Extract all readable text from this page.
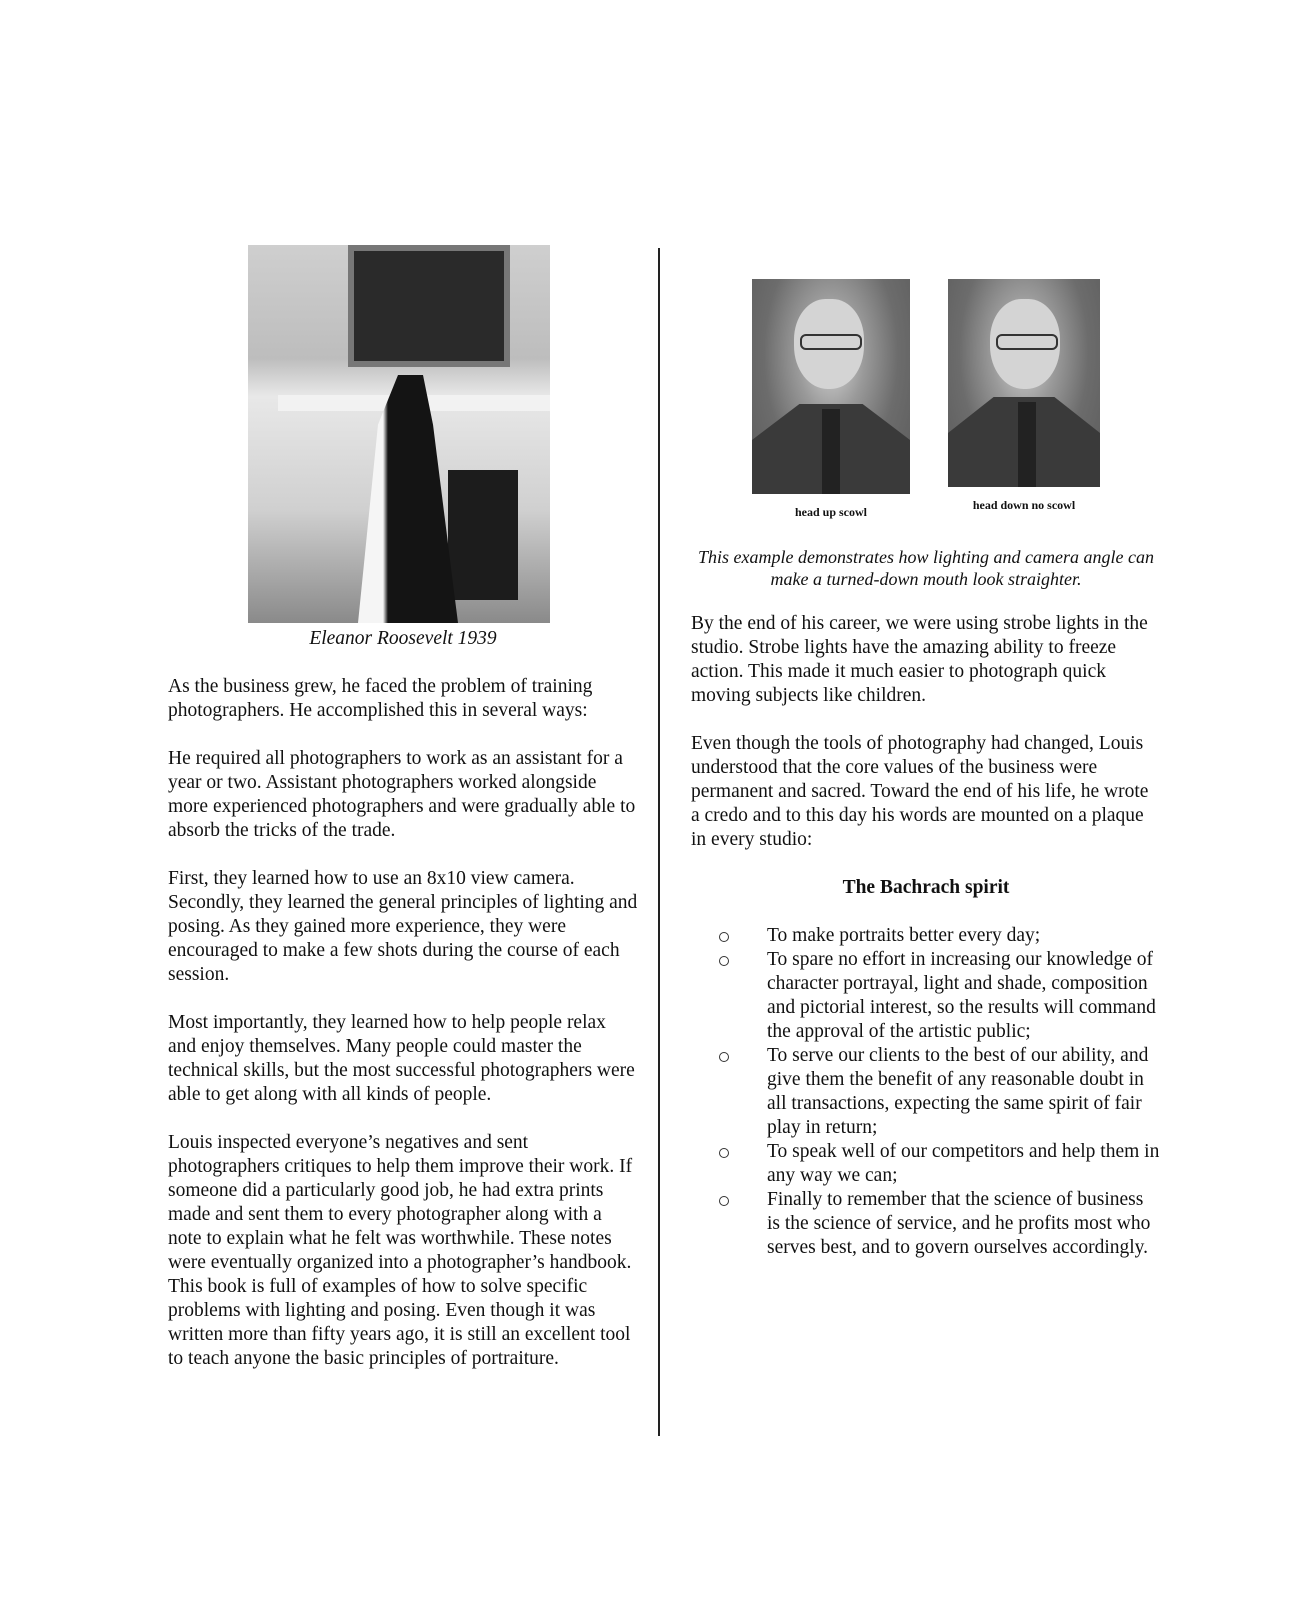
Eleanor Roosevelt 1939

As the business grew, he faced the problem of training photographers. He accomplished this in several ways:

He required all photographers to work as an assistant for a year or two. Assistant photographers worked alongside more experienced photographers and were gradually able to absorb the tricks of the trade.

First, they learned how to use an 8x10 view camera. Secondly, they learned the general principles of lighting and posing. As they gained more experience, they were encouraged to make a few shots during the course of each session.

Most importantly, they learned how to help people relax and enjoy themselves. Many people could master the technical skills, but the most successful photographers were able to get along with all kinds of people.

Louis inspected everyone’s negatives and sent photographers critiques to help them improve their work. If someone did a particularly good job, he had extra prints made and sent them to every photographer along with a note to explain what he felt was worthwhile. These notes were eventually organized into a photographer’s handbook. This book is full of examples of how to solve specific problems with lighting and posing. Even though it was written more than fifty years ago, it is still an excellent tool to teach anyone the basic principles of portraiture.

head up scowl	head down no scowl
This example demonstrates how lighting and camera angle can make a turned-down mouth look straighter.

By the end of his career, we were using strobe lights in the studio. Strobe lights have the amazing ability to freeze action. This made it much easier to photograph quick moving subjects like children.

Even though the tools of photography had changed, Louis understood that the core values of the business were permanent and sacred. Toward the end of his life, he wrote a credo and to this day his words are mounted on a plaque in every studio:

The Bachrach spirit
To make portraits better every day;
To spare no effort in increasing our knowledge of character portrayal, light and shade, composition and pictorial interest, so the results will command the approval of the artistic public;
To serve our clients to the best of our ability, and give them the benefit of any reasonable doubt in all transactions, expecting the same spirit of fair play in return;
To speak well of our competitors and help them in any way we can;
Finally to remember that the science of business is the science of service, and he profits most who serves best, and to govern ourselves accordingly.
